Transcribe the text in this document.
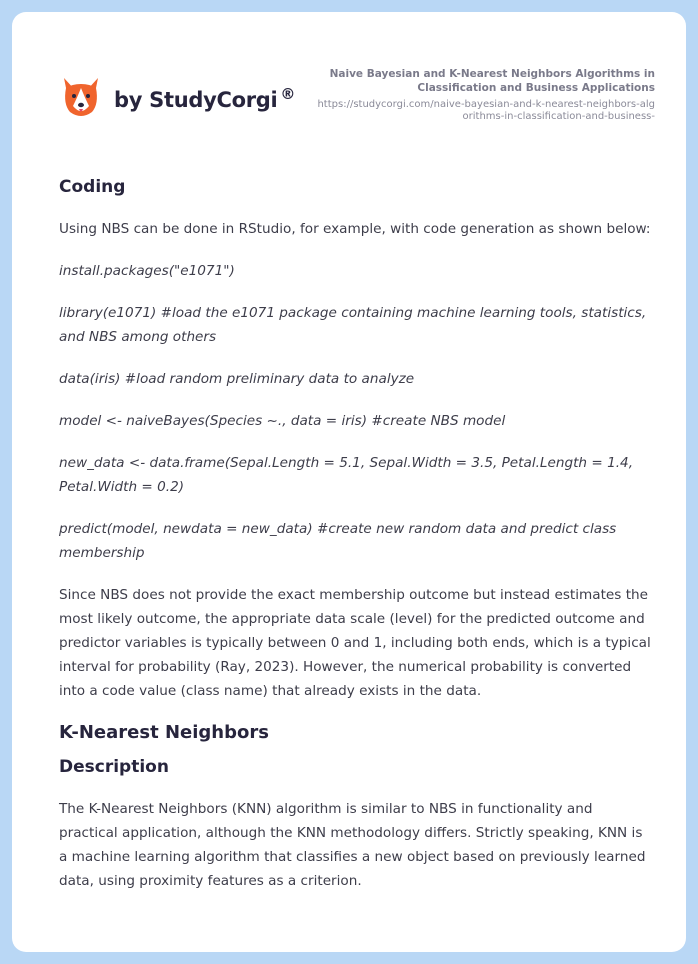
by StudyCorgi ®
Naive Bayesian and K-Nearest Neighbors Algorithms in Classification and Business Applications
https://studycorgi.com/naive-bayesian-and-k-nearest-neighbors-algorithms-in-classification-and-business-
Coding

Using NBS can be done in RStudio, for example, with code generation as shown below:

install.packages("e1071")

library(e1071) #load the e1071 package containing machine learning tools, statistics, and NBS among others

data(iris) #load random preliminary data to analyze

model <- naiveBayes(Species ~., data = iris) #create NBS model

new_data <- data.frame(Sepal.Length = 5.1, Sepal.Width = 3.5, Petal.Length = 1.4, Petal.Width = 0.2)

predict(model, newdata = new_data) #create new random data and predict class membership

Since NBS does not provide the exact membership outcome but instead estimates the most likely outcome, the appropriate data scale (level) for the predicted outcome and predictor variables is typically between 0 and 1, including both ends, which is a typical interval for probability (Ray, 2023). However, the numerical probability is converted into a code value (class name) that already exists in the data.

K-Nearest Neighbors
Description

The K-Nearest Neighbors (KNN) algorithm is similar to NBS in functionality and practical application, although the KNN methodology differs. Strictly speaking, KNN is a machine learning algorithm that classifies a new object based on previously learned data, using proximity features as a criterion.
